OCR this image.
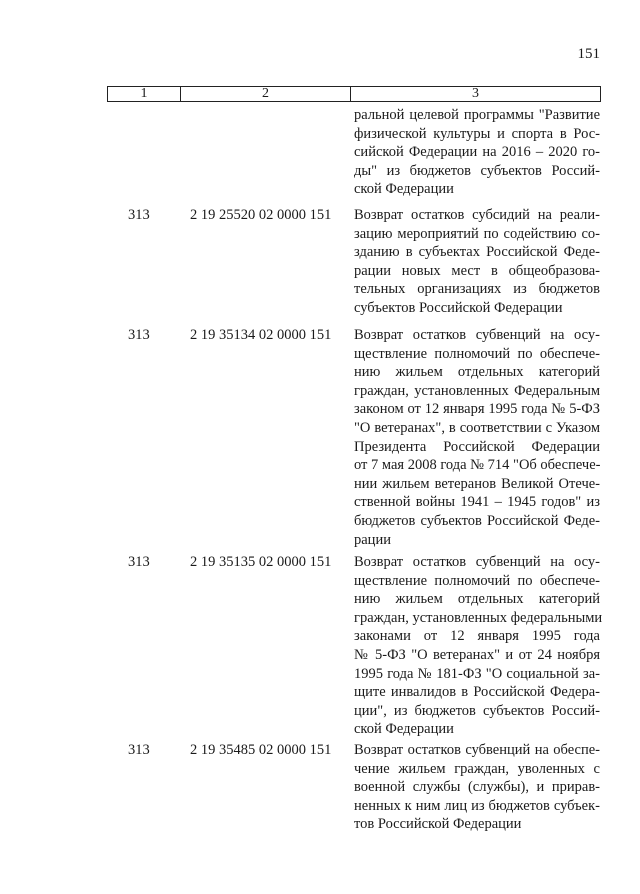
151
1	2	3
ральной целевой программы "Развитие
физической культуры и спорта в Рос-
сийской Федерации на 2016 – 2020 го-
ды" из бюджетов субъектов Россий-
ской Федерации
313	2 19 25520 02 0000 151	Возврат остатков субсидий на реали-
зацию мероприятий по содействию со-
зданию в субъектах Российской Феде-
рации новых мест в общеобразова-
тельных организациях из бюджетов
субъектов Российской Федерации
313	2 19 35134 02 0000 151	Возврат остатков субвенций на осу-
ществление полномочий по обеспече-
нию жильем отдельных категорий
граждан, установленных Федеральным
законом от 12 января 1995 года № 5-ФЗ
"О ветеранах", в соответствии с Указом
Президента Российской Федерации
от 7 мая 2008 года № 714 "Об обеспече-
нии жильем ветеранов Великой Отече-
ственной войны 1941 – 1945 годов" из
бюджетов субъектов Российской Феде-
рации
313	2 19 35135 02 0000 151	Возврат остатков субвенций на осу-
ществление полномочий по обеспече-
нию жильем отдельных категорий
граждан, установленных федеральными
законами от 12 января 1995 года
№ 5-ФЗ "О ветеранах" и от 24 ноября
1995 года № 181-ФЗ "О социальной за-
щите инвалидов в Российской Федера-
ции", из бюджетов субъектов Россий-
ской Федерации
313	2 19 35485 02 0000 151	Возврат остатков субвенций на обеспе-
чение жильем граждан, уволенных с
военной службы (службы), и прирав-
ненных к ним лиц из бюджетов субъек-
тов Российской Федерации
